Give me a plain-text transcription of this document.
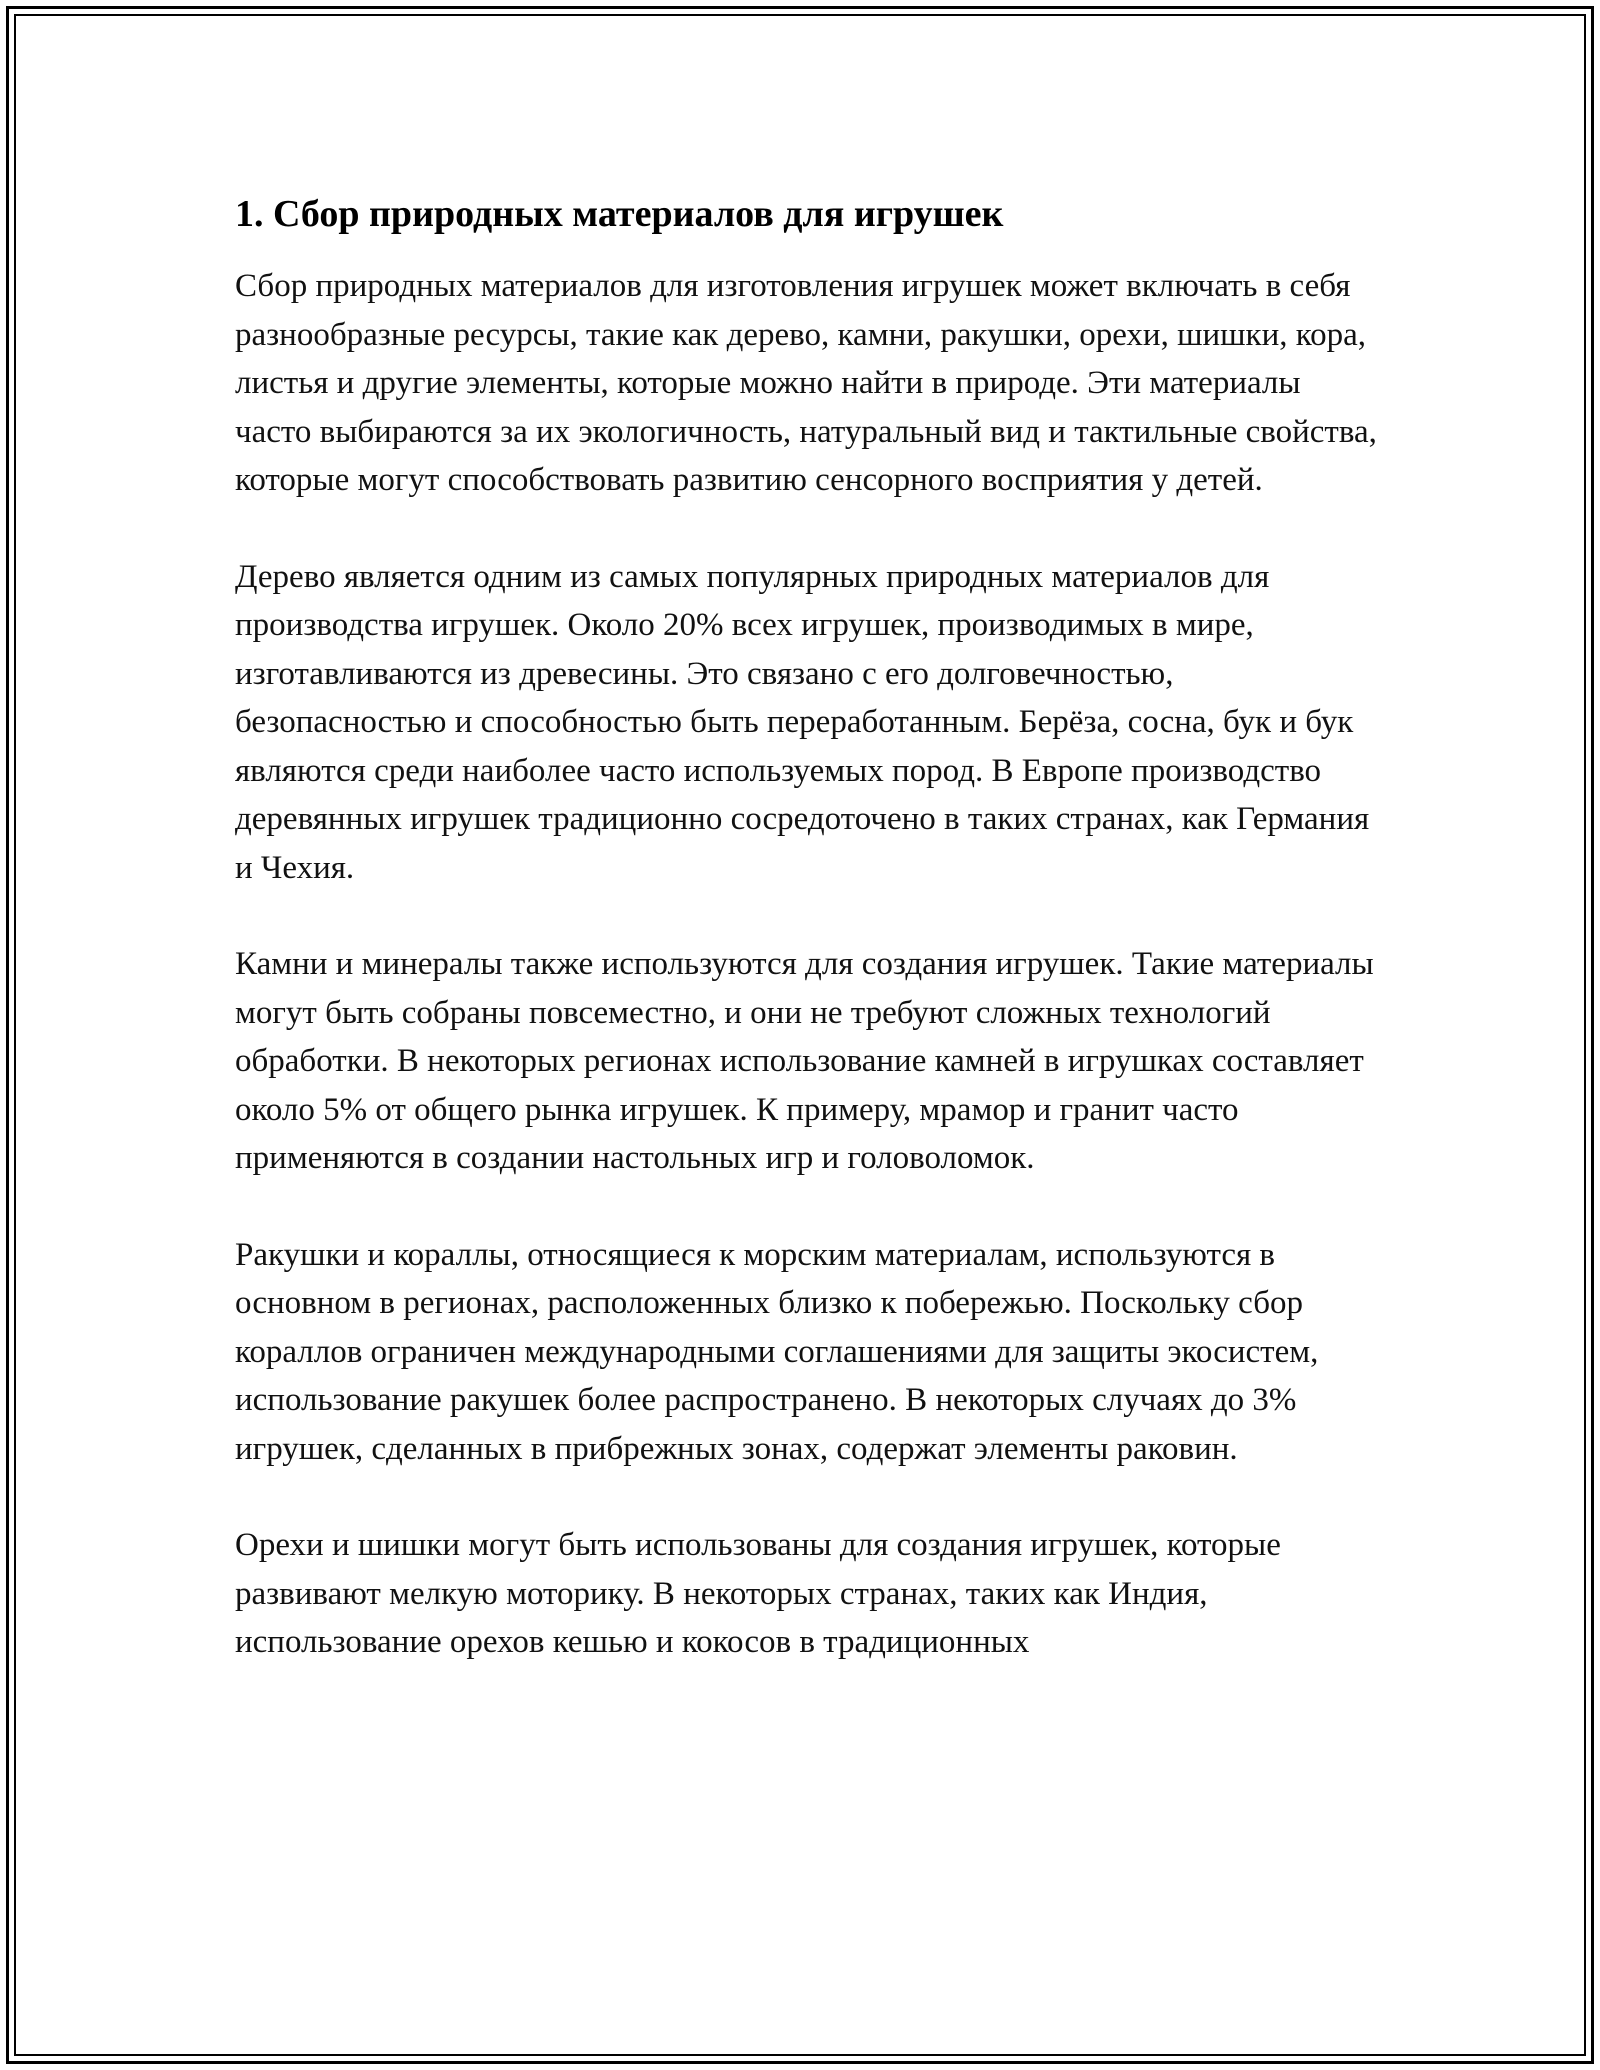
1. Сбор природных материалов для игрушек

Сбор природных материалов для изготовления игрушек может включать в себя разнообразные ресурсы, такие как дерево, камни, ракушки, орехи, шишки, кора, листья и другие элементы, которые можно найти в природе. Эти материалы часто выбираются за их экологичность, натуральный вид и тактильные свойства, которые могут способствовать развитию сенсорного восприятия у детей.

Дерево является одним из самых популярных природных материалов для производства игрушек. Около 20% всех игрушек, производимых в мире, изготавливаются из древесины. Это связано с его долговечностью, безопасностью и способностью быть переработанным. Берёза, сосна, бук и бук являются среди наиболее часто используемых пород. В Европе производство деревянных игрушек традиционно сосредоточено в таких странах, как Германия и Чехия.

Камни и минералы также используются для создания игрушек. Такие материалы могут быть собраны повсеместно, и они не требуют сложных технологий обработки. В некоторых регионах использование камней в игрушках составляет около 5% от общего рынка игрушек. К примеру, мрамор и гранит часто применяются в создании настольных игр и головоломок.

Ракушки и кораллы, относящиеся к морским материалам, используются в основном в регионах, расположенных близко к побережью. Поскольку сбор кораллов ограничен международными соглашениями для защиты экосистем, использование ракушек более распространено. В некоторых случаях до 3% игрушек, сделанных в прибрежных зонах, содержат элементы раковин.

Орехи и шишки могут быть использованы для создания игрушек, которые развивают мелкую моторику. В некоторых странах, таких как Индия, использование орехов кешью и кокосов в традиционных
